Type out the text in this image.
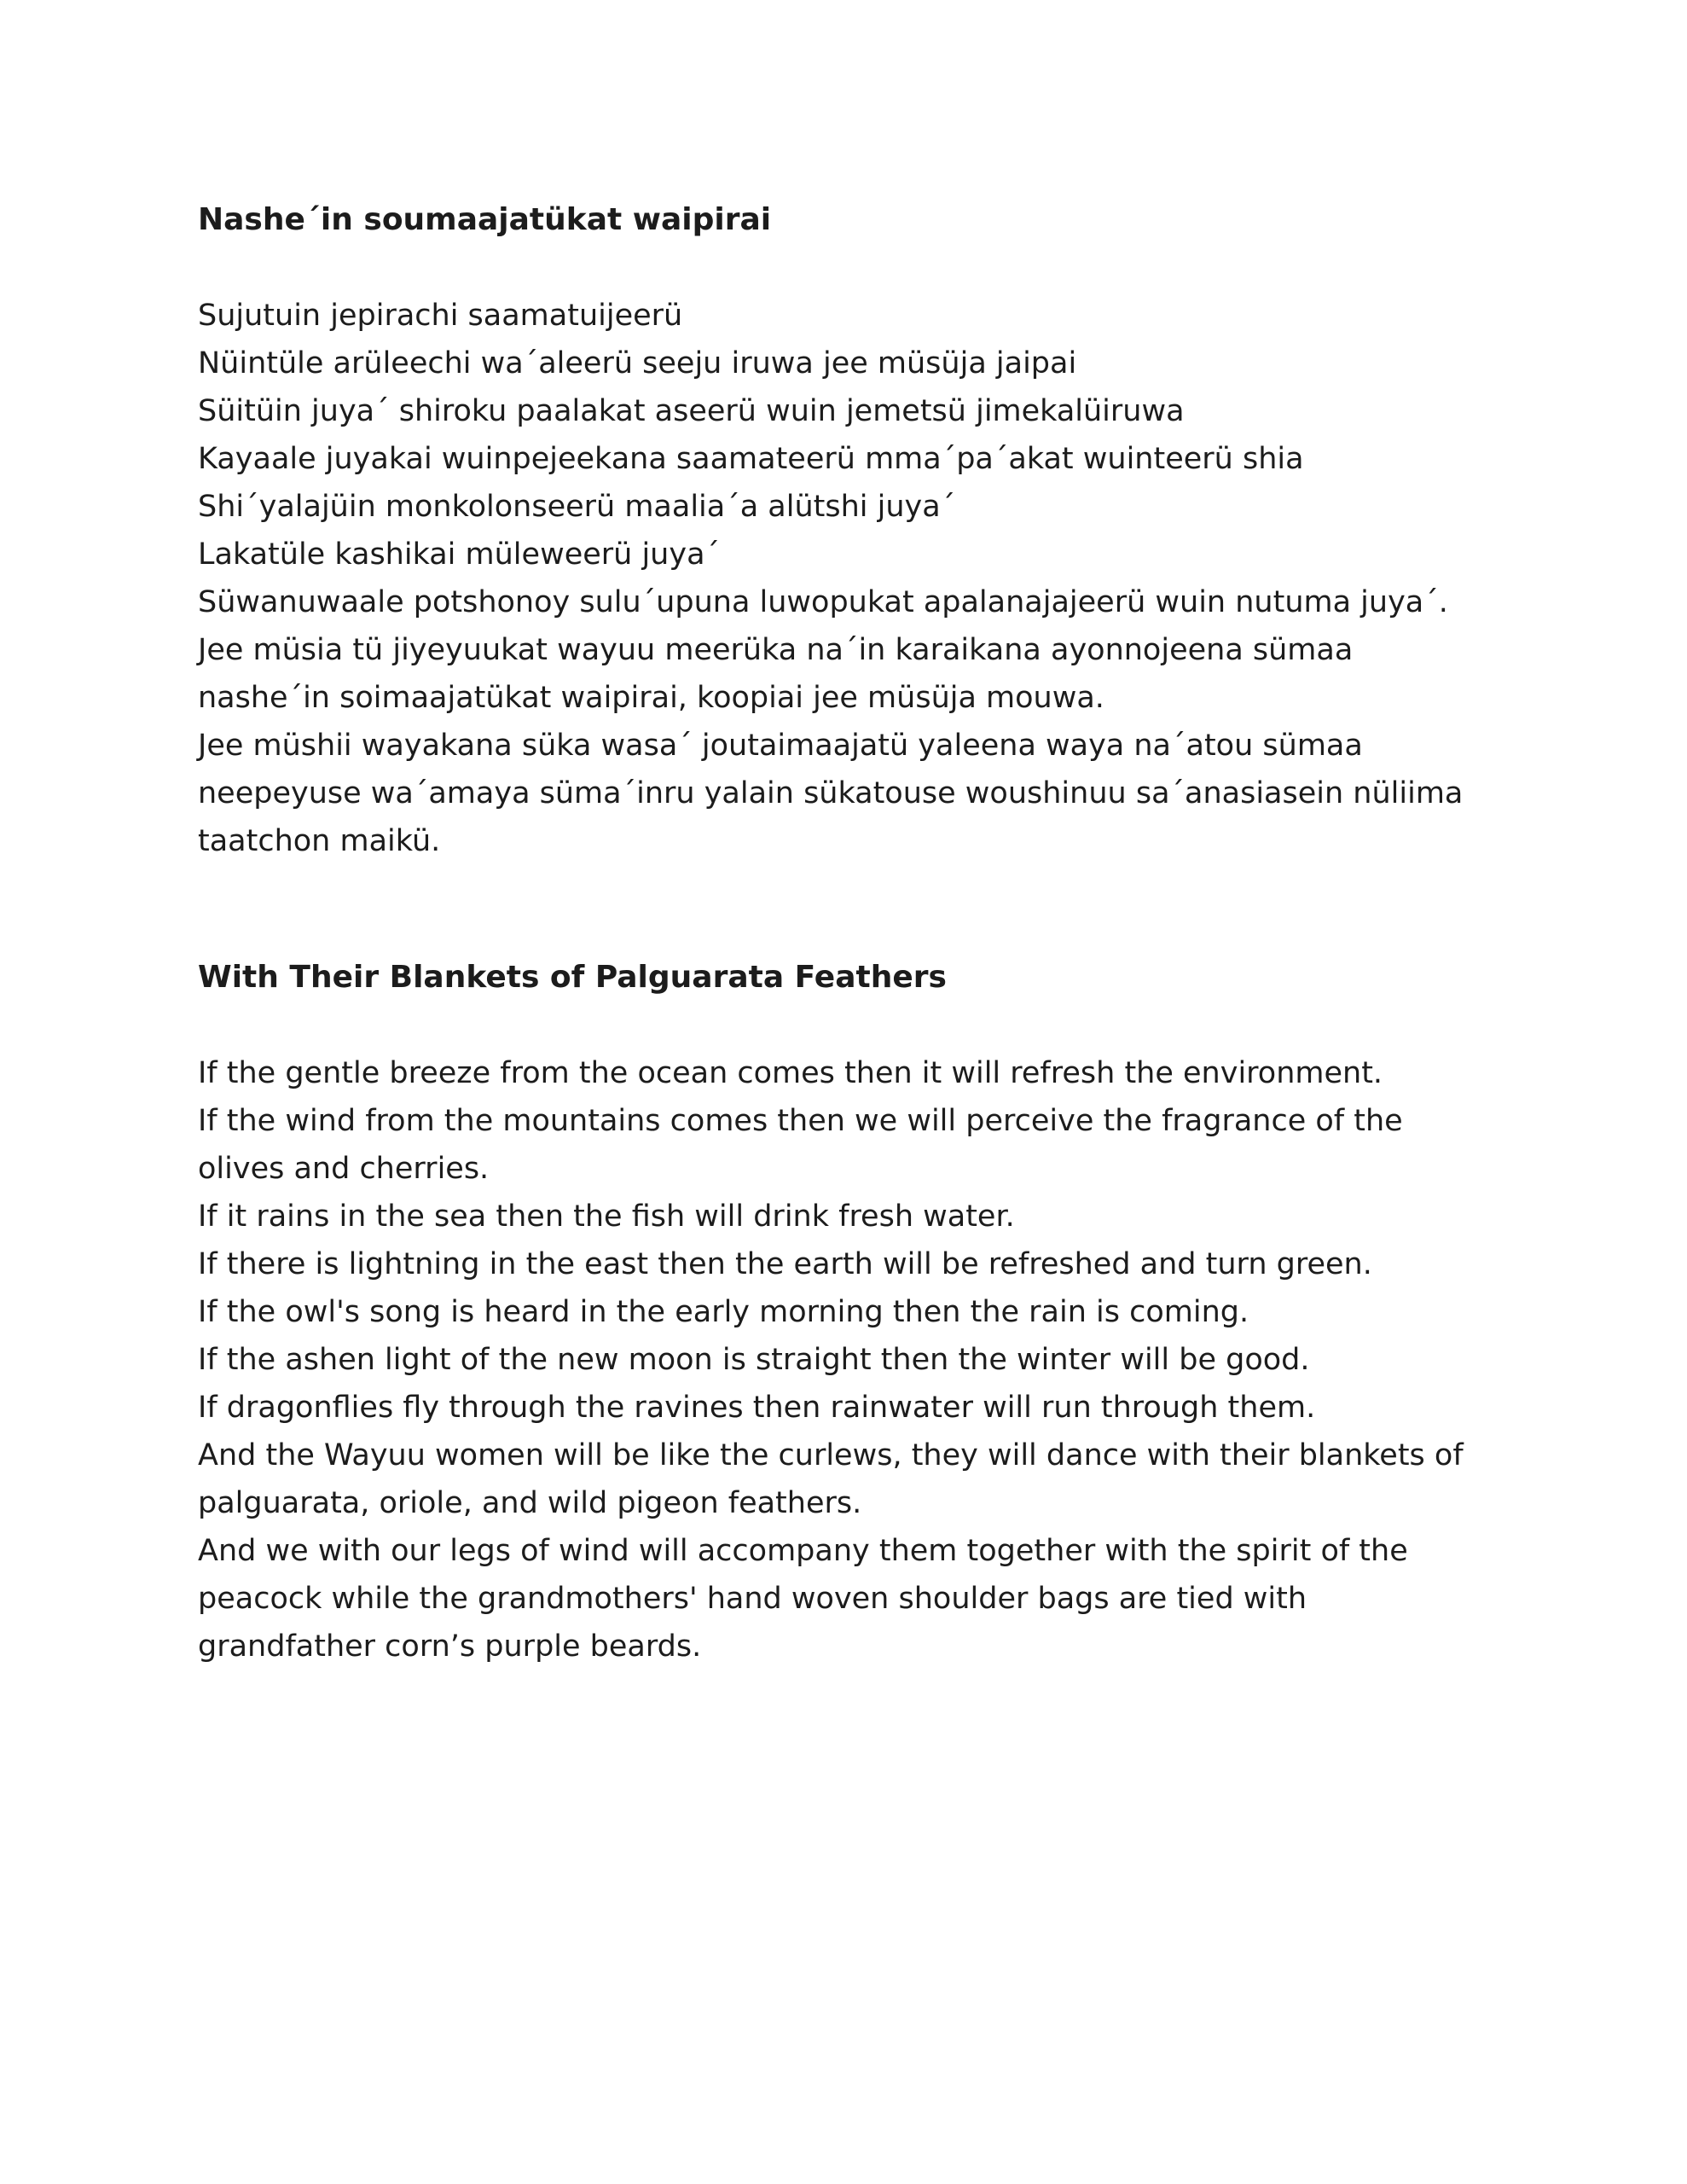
Nashe´in soumaajatükat waipirai

Sujutuin jepirachi saamatuijeerü

Nüintüle arüleechi wa´aleerü seeju iruwa jee müsüja jaipai

Süitüin juya´ shiroku paalakat aseerü wuin jemetsü jimekalüiruwa

Kayaale juyakai wuinpejeekana saamateerü mma´pa´akat wuinteerü shia

Shi´yalajüin monkolonseerü maalia´a alütshi juya´

Lakatüle kashikai müleweerü juya´

Süwanuwaale potshonoy sulu´upuna luwopukat apalanajajeerü wuin nutuma juya´.

Jee müsia tü jiyeyuukat wayuu meerüka na´in karaikana ayonnojeena sümaa

nashe´in soimaajatükat waipirai, koopiai jee müsüja mouwa.

Jee müshii wayakana süka wasa´ joutaimaajatü yaleena waya na´atou sümaa

neepeyuse wa´amaya süma´inru yalain sükatouse woushinuu sa´anasiasein nüliima

taatchon maikü.

With Their Blankets of Palguarata Feathers

If the gentle breeze from the ocean comes then it will refresh the environment.

If the wind from the mountains comes then we will perceive the fragrance of the

olives and cherries.

If it rains in the sea then the fish will drink fresh water.

If there is lightning in the east then the earth will be refreshed and turn green.

If the owl's song is heard in the early morning then the rain is coming.

If the ashen light of the new moon is straight then the winter will be good.

If dragonflies fly through the ravines then rainwater will run through them.

And the Wayuu women will be like the curlews, they will dance with their blankets of

palguarata, oriole, and wild pigeon feathers.

And we with our legs of wind will accompany them together with the spirit of the

peacock while the grandmothers' hand woven shoulder bags are tied with

grandfather corn’s purple beards.
